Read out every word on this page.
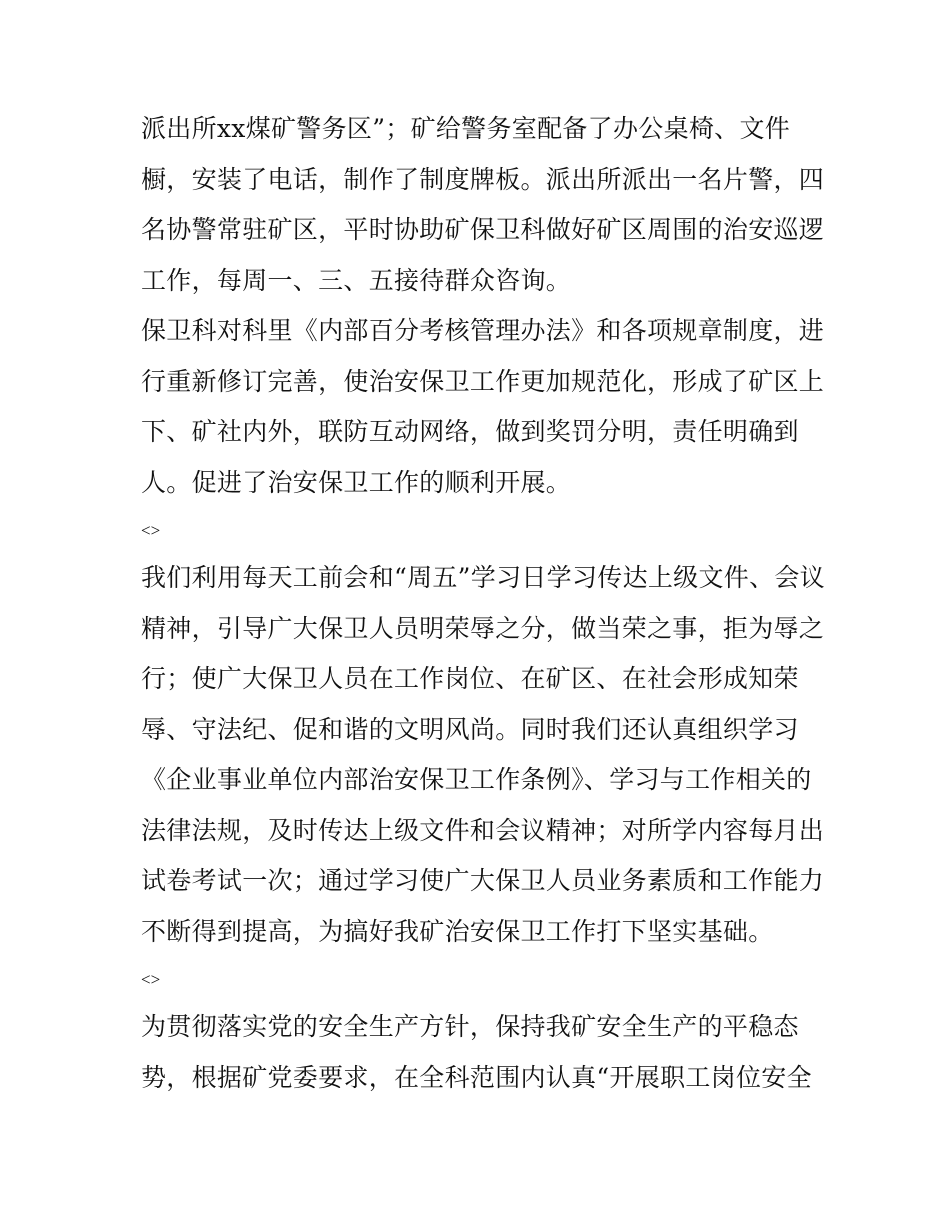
派出所xx煤矿警务区”；矿给警务室配备了办公桌椅、文件
橱，安装了电话，制作了制度牌板。派出所派出一名片警，四
名协警常驻矿区，平时协助矿保卫科做好矿区周围的治安巡逻
工作，每周一、三、五接待群众咨询。
保卫科对科里《内部百分考核管理办法》和各项规章制度，进
行重新修订完善，使治安保卫工作更加规范化，形成了矿区上
下、矿社内外，联防互动网络，做到奖罚分明，责任明确到
人。促进了治安保卫工作的顺利开展。
<>
我们利用每天工前会和“周五”学习日学习传达上级文件、会议
精神，引导广大保卫人员明荣辱之分，做当荣之事，拒为辱之
行；使广大保卫人员在工作岗位、在矿区、在社会形成知荣
辱、守法纪、促和谐的文明风尚。同时我们还认真组织学习
《企业事业单位内部治安保卫工作条例》、学习与工作相关的
法律法规，及时传达上级文件和会议精神；对所学内容每月出
试卷考试一次；通过学习使广大保卫人员业务素质和工作能力
不断得到提高，为搞好我矿治安保卫工作打下坚实基础。
<>
为贯彻落实党的安全生产方针，保持我矿安全生产的平稳态
势，根据矿党委要求，在全科范围内认真“开展职工岗位安全
